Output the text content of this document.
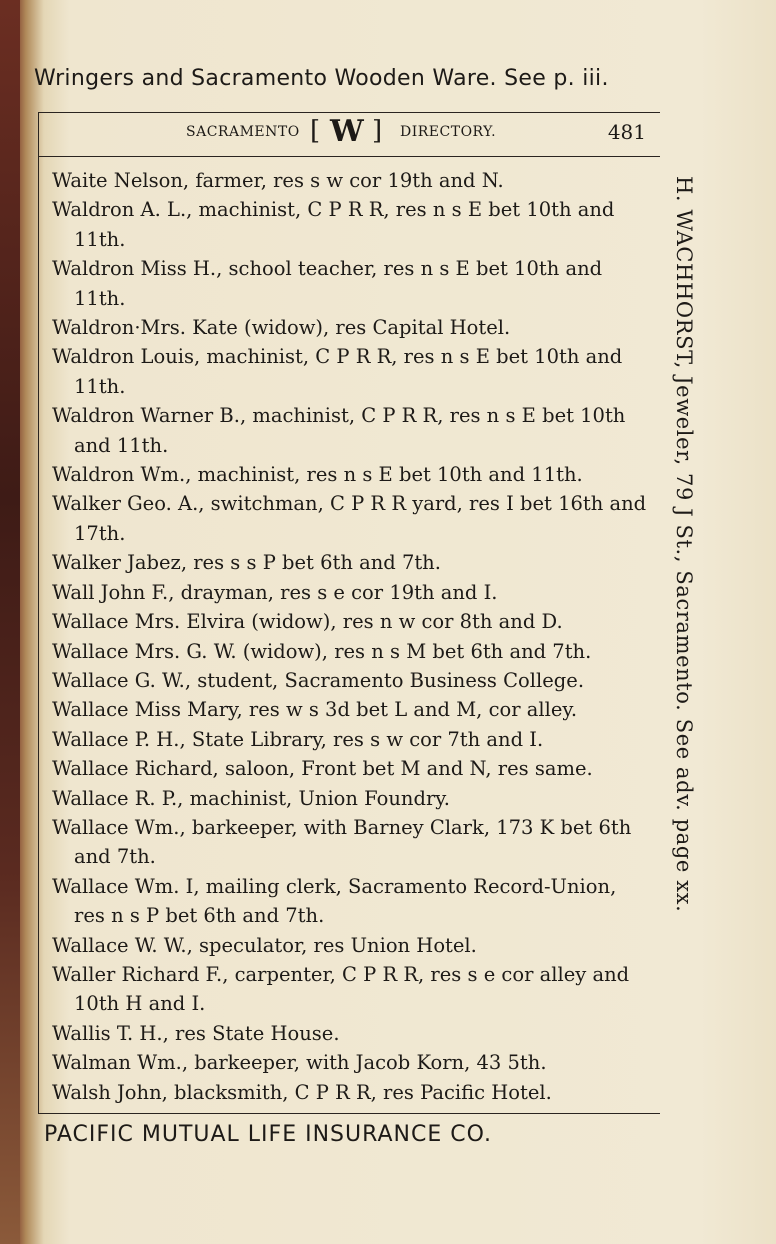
Wringers and Sacramento Wooden Ware. See p. iii.
SACRAMENTO [ W ] DIRECTORY.	481
Waite Nelson, farmer, res s w cor 19th and N.
Waldron A. L., machinist, C P R R, res n s E bet 10th and 11th.
Waldron Miss H., school teacher, res n s E bet 10th and 11th.
Waldron·Mrs. Kate (widow), res Capital Hotel.
Waldron Louis, machinist, C P R R, res n s E bet 10th and 11th.
Waldron Warner B., machinist, C P R R, res n s E bet 10th and 11th.
Waldron Wm., machinist, res n s E bet 10th and 11th.
Walker Geo. A., switchman, C P R R yard, res I bet 16th and 17th.
Walker Jabez, res s s P bet 6th and 7th.
Wall John F., drayman, res s e cor 19th and I.
Wallace Mrs. Elvira (widow), res n w cor 8th and D.
Wallace Mrs. G. W. (widow), res n s M bet 6th and 7th.
Wallace G. W., student, Sacramento Business College.
Wallace Miss Mary, res w s 3d bet L and M, cor alley.
Wallace P. H., State Library, res s w cor 7th and I.
Wallace Richard, saloon, Front bet M and N, res same.
Wallace R. P., machinist, Union Foundry.
Wallace Wm., barkeeper, with Barney Clark, 173 K bet 6th and 7th.
Wallace Wm. I, mailing clerk, Sacramento Record-Union, res n s P bet 6th and 7th.
Wallace W. W., speculator, res Union Hotel.
Waller Richard F., carpenter, C P R R, res s e cor alley and 10th H and I.
Wallis T. H., res State House.
Walman Wm., barkeeper, with Jacob Korn, 43 5th.
Walsh John, blacksmith, C P R R, res Pacific Hotel.
H. WACHHORST, Jeweler, 79 J St., Sacramento. See adv. page xx.
PACIFIC MUTUAL LIFE INSURANCE CO.
